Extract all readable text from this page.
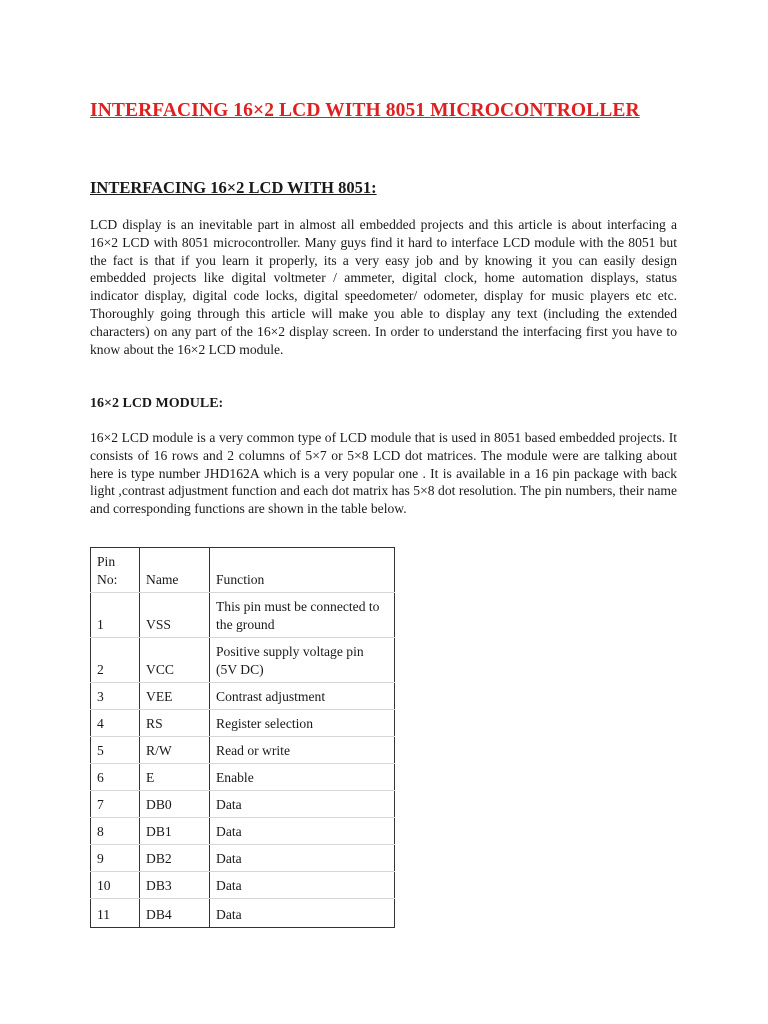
INTERFACING 16×2 LCD WITH 8051 MICROCONTROLLER
INTERFACING 16×2 LCD WITH 8051:

LCD display is an inevitable part in almost all embedded projects and this article is about interfacing a 16×2 LCD with 8051 microcontroller. Many guys find it hard to interface LCD module with the 8051 but the fact is that if you learn it properly, its a very easy job and by knowing it you can easily design embedded projects like digital voltmeter / ammeter, digital clock, home automation displays, status indicator display, digital code locks, digital speedometer/ odometer, display for music players etc etc. Thoroughly going through this article will make you able to display any text (including the extended characters) on any part of the 16×2 display screen. In order to understand the interfacing first you have to know about the 16×2 LCD module.

16×2 LCD MODULE:

16×2 LCD module is a very common type of LCD module that is used in 8051 based embedded projects. It consists of 16 rows and 2 columns of 5×7 or 5×8 LCD dot matrices. The module were are talking about here is type number JHD162A which is a very popular one . It is available in a 16 pin package with back light ,contrast adjustment function and each dot matrix has 5×8 dot resolution. The pin numbers, their name and corresponding functions are shown in the table below.

Pin No:	Name	Function
1	VSS	This pin must be connected to the ground
2	VCC	Positive supply voltage pin (5V DC)
3	VEE	Contrast adjustment
4	RS	Register selection
5	R/W	Read or write
6	E	Enable
7	DB0	Data
8	DB1	Data
9	DB2	Data
10	DB3	Data
11	DB4	Data
